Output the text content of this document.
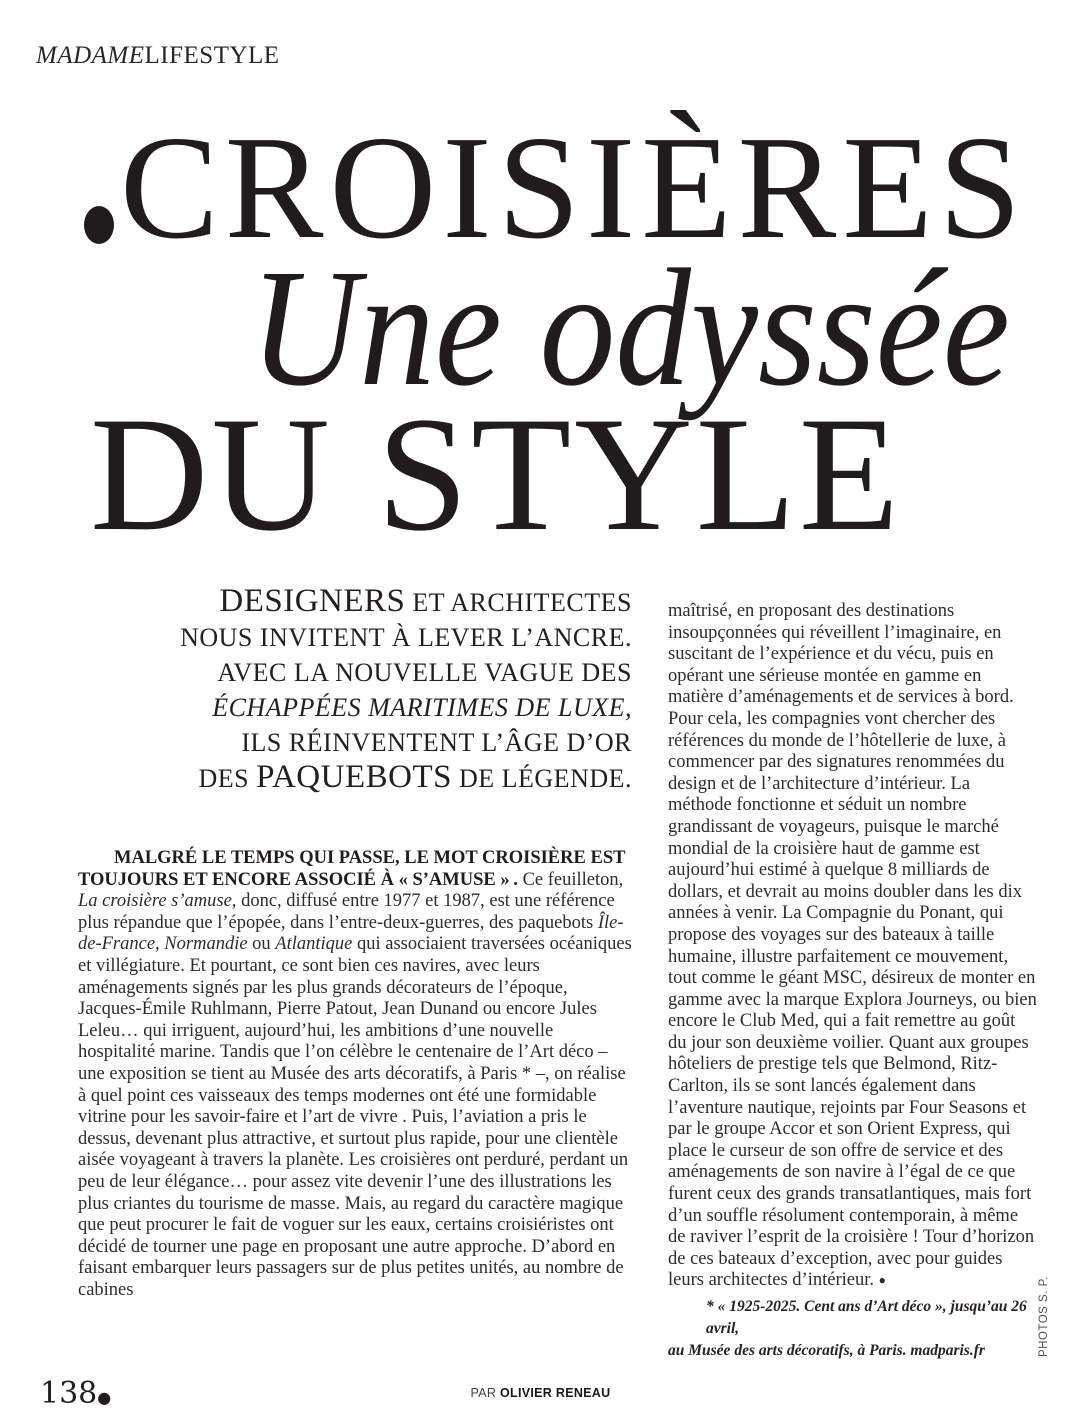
MADAMELIFESTYLE
CROISIÈRES
Une odyssée
DU STYLE
DESIGNERS ET ARCHITECTES
NOUS INVITENT À LEVER L’ANCRE.
AVEC LA NOUVELLE VAGUE DES
ÉCHAPPÉES MARITIMES DE LUXE,
ILS RÉINVENTENT L’ÂGE D’OR
DES PAQUEBOTS DE LÉGENDE.

MALGRÉ LE TEMPS QUI PASSE, LE MOT CROISIÈRE EST TOUJOURS ET ENCORE ASSOCIÉ À « S’AMUSE » . Ce feuilleton, La croisière s’amuse, donc, diffusé entre 1977 et 1987, est une référence plus répandue que l’épopée, dans l’entre-deux-guerres, des paquebots Île-de-France, Normandie ou Atlantique qui associaient traversées océaniques et villégiature. Et pourtant, ce sont bien ces navires, avec leurs aménagements signés par les plus grands décorateurs de l’époque, Jacques-Émile Ruhlmann, Pierre Patout, Jean Dunand ou encore Jules Leleu… qui irriguent, aujourd’hui, les ambitions d’une nouvelle hospitalité marine. Tandis que l’on célèbre le centenaire de l’Art déco – une exposition se tient au Musée des arts décoratifs, à Paris * –, on réalise à quel point ces vaisseaux des temps modernes ont été une formidable vitrine pour les savoir-faire et l’art de vivre . Puis, l’aviation a pris le dessus, devenant plus attractive, et surtout plus rapide, pour une clientèle aisée voyageant à travers la planète. Les croisières ont perduré, perdant un peu de leur élégance… pour assez vite devenir l’une des illustrations les plus criantes du tourisme de masse. Mais, au regard du caractère magique que peut procurer le fait de voguer sur les eaux, certains croisiéristes ont décidé de tourner une page en proposant une autre approche. D’abord en faisant embarquer leurs passagers sur de plus petites unités, au nombre de cabines

maîtrisé, en proposant des destinations insoupçonnées qui réveillent l’imaginaire, en suscitant de l’expérience et du vécu, puis en opérant une sérieuse montée en gamme en matière d’aménagements et de services à bord. Pour cela, les compagnies vont chercher des références du monde de l’hôtellerie de luxe, à commencer par des signatures renommées du design et de l’architecture d’intérieur. La méthode fonctionne et séduit un nombre grandissant de voyageurs, puisque le marché mondial de la croisière haut de gamme est aujourd’hui estimé à quelque 8 milliards de dollars, et devrait au moins doubler dans les dix années à venir. La Compagnie du Ponant, qui propose des voyages sur des bateaux à taille humaine, illustre parfaitement ce mouvement, tout comme le géant MSC, désireux de monter en gamme avec la marque Explora Journeys, ou bien encore le Club Med, qui a fait remettre au goût du jour son deuxième voilier. Quant aux groupes hôteliers de prestige tels que Belmond, Ritz-Carlton, ils se sont lancés également dans l’aventure nautique, rejoints par Four Seasons et par le groupe Accor et son Orient Express, qui place le curseur de son offre de service et des aménagements de son navire à l’égal de ce que furent ceux des grands transatlantiques, mais fort d’un souffle résolument contemporain, à même de raviver l’esprit de la croisière ! Tour d’horizon de ces bateaux d’exception, avec pour guides leurs architectes d’intérieur. ●

* « 1925-2025. Cent ans d’Art déco », jusqu’au 26 avril,
au Musée des arts décoratifs, à Paris. madparis.fr	PHOTOS S. P.
138●	PAR OLIVIER RENEAU
